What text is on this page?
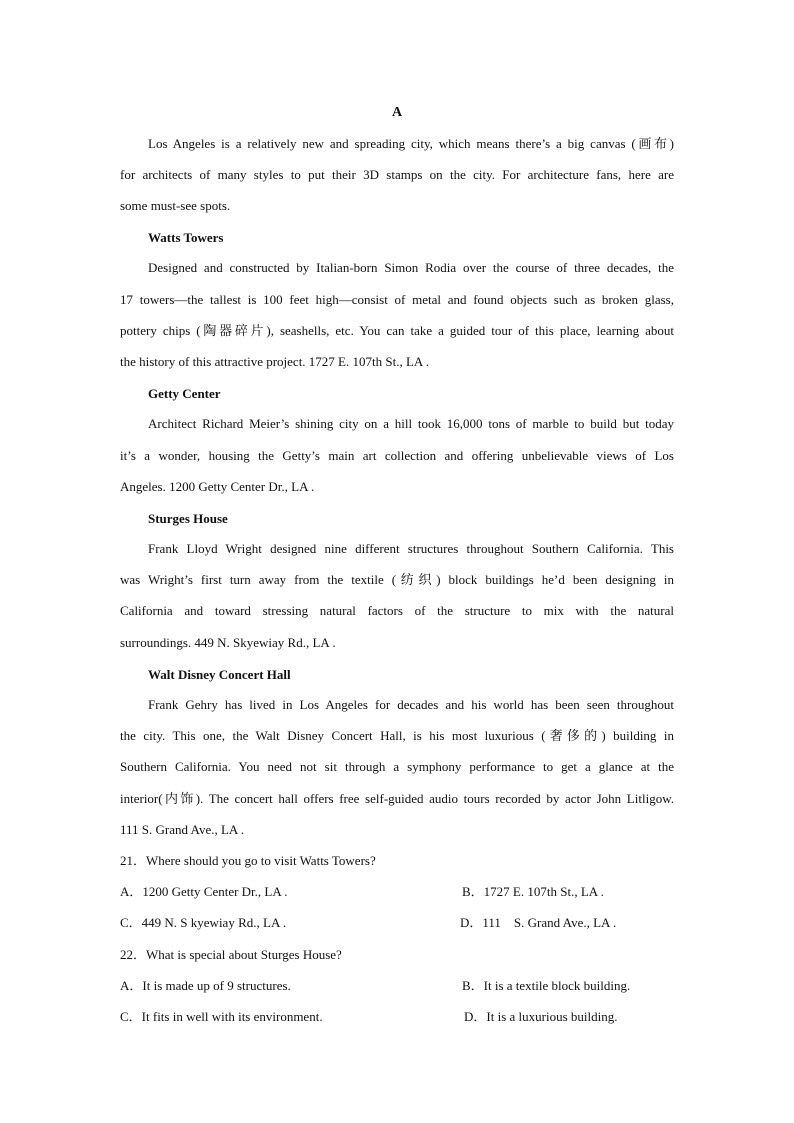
A
Los Angeles is a relatively new and spreading city, which means there’s a big canvas (画布)
for architects of many styles to put their 3D stamps on the city. For architecture fans, here are
some must-see spots.
Watts Towers
Designed and constructed by Italian-born Simon Rodia over the course of three decades, the
17 towers—the tallest is 100 feet high—consist of metal and found objects such as broken glass,
pottery chips (陶器碎片), seashells, etc. You can take a guided tour of this place, learning about
the history of this attractive project. 1727 E. 107th St., LA .
Getty Center
Architect Richard Meier’s shining city on a hill took 16,000 tons of marble to build but today
it’s a wonder, housing the Getty’s main art collection and offering unbelievable views of Los
Angeles. 1200 Getty Center Dr., LA .
Sturges House
Frank Lloyd Wright designed nine different structures throughout Southern California. This
was Wright’s first turn away from the textile (纺织) block buildings he’d been designing in
California and toward stressing natural factors of the structure to mix with the natural
surroundings. 449 N. Skyewiay Rd., LA .
Walt Disney Concert Hall
Frank Gehry has lived in Los Angeles for decades and his world has been seen throughout
the city. This one, the Walt Disney Concert Hall, is his most luxurious (奢侈的) building in
Southern California. You need not sit through a symphony performance to get a glance at the
interior(内饰). The concert hall offers free self-guided audio tours recorded by actor John Litligow.
111 S. Grand Ave., LA .
21．Where should you go to visit Watts Towers?
A．1200 Getty Center Dr., LA .	B．1727 E. 107th St., LA .
C．449 N. S kyewiay Rd., LA .	D．111    S. Grand Ave., LA .
22．What is special about Sturges House?
A．It is made up of 9 structures.	B．It is a textile block building.
C．It fits in well with its environment.	D．It is a luxurious building.
